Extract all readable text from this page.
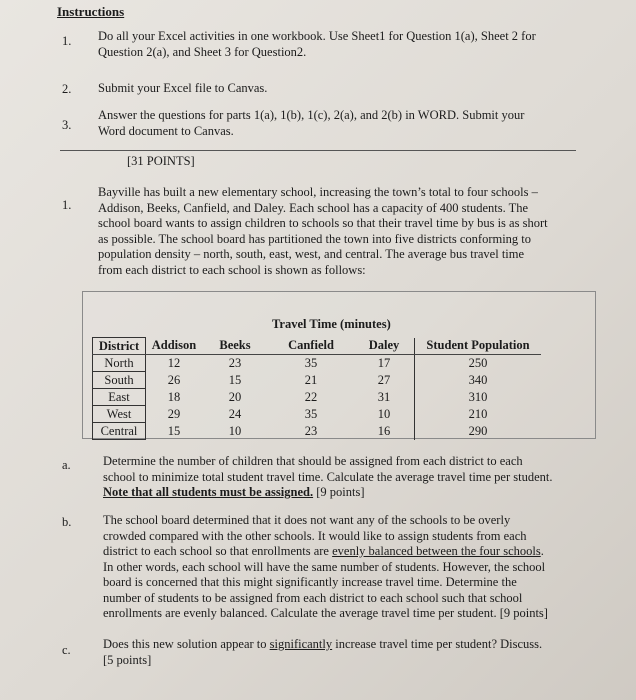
Instructions
1. Do all your Excel activities in one workbook. Use Sheet1 for Question 1(a), Sheet 2 for
Question 2(a), and Sheet 3 for Question2.
2. Submit your Excel file to Canvas.
3.
Answer the questions for parts 1(a), 1(b), 1(c), 2(a), and 2(b) in WORD. Submit your
Word document to Canvas.
[31 POINTS]
1.
Bayville has built a new elementary school, increasing the town’s total to four schools –
Addison, Beeks, Canfield, and Daley. Each school has a capacity of 400 students. The
school board wants to assign children to schools so that their travel time by bus is as short
as possible. The school board has partitioned the town into five districts conforming to
population density – north, south, east, west, and central. The average bus travel time
from each district to each school is shown as follows:
Travel Time (minutes)
District	Addison	Beeks	Canfield	Daley	Student Population
North	12	23	35	17	250
South	26	15	21	27	340
East	18	20	22	31	310
West	29	24	35	10	210
Central	15	10	23	16	290
a.	Determine the number of children that should be assigned from each district to each
school to minimize total student travel time. Calculate the average travel time per student.
Note that all students must be assigned. [9 points]
b.	The school board determined that it does not want any of the schools to be overly
crowded compared with the other schools. It would like to assign students from each
district to each school so that enrollments are evenly balanced between the four schools.
In other words, each school will have the same number of students. However, the school
board is concerned that this might significantly increase travel time. Determine the
number of students to be assigned from each district to each school such that school
enrollments are evenly balanced. Calculate the average travel time per student. [9 points]
c.	Does this new solution appear to significantly increase travel time per student? Discuss.
[5 points]
